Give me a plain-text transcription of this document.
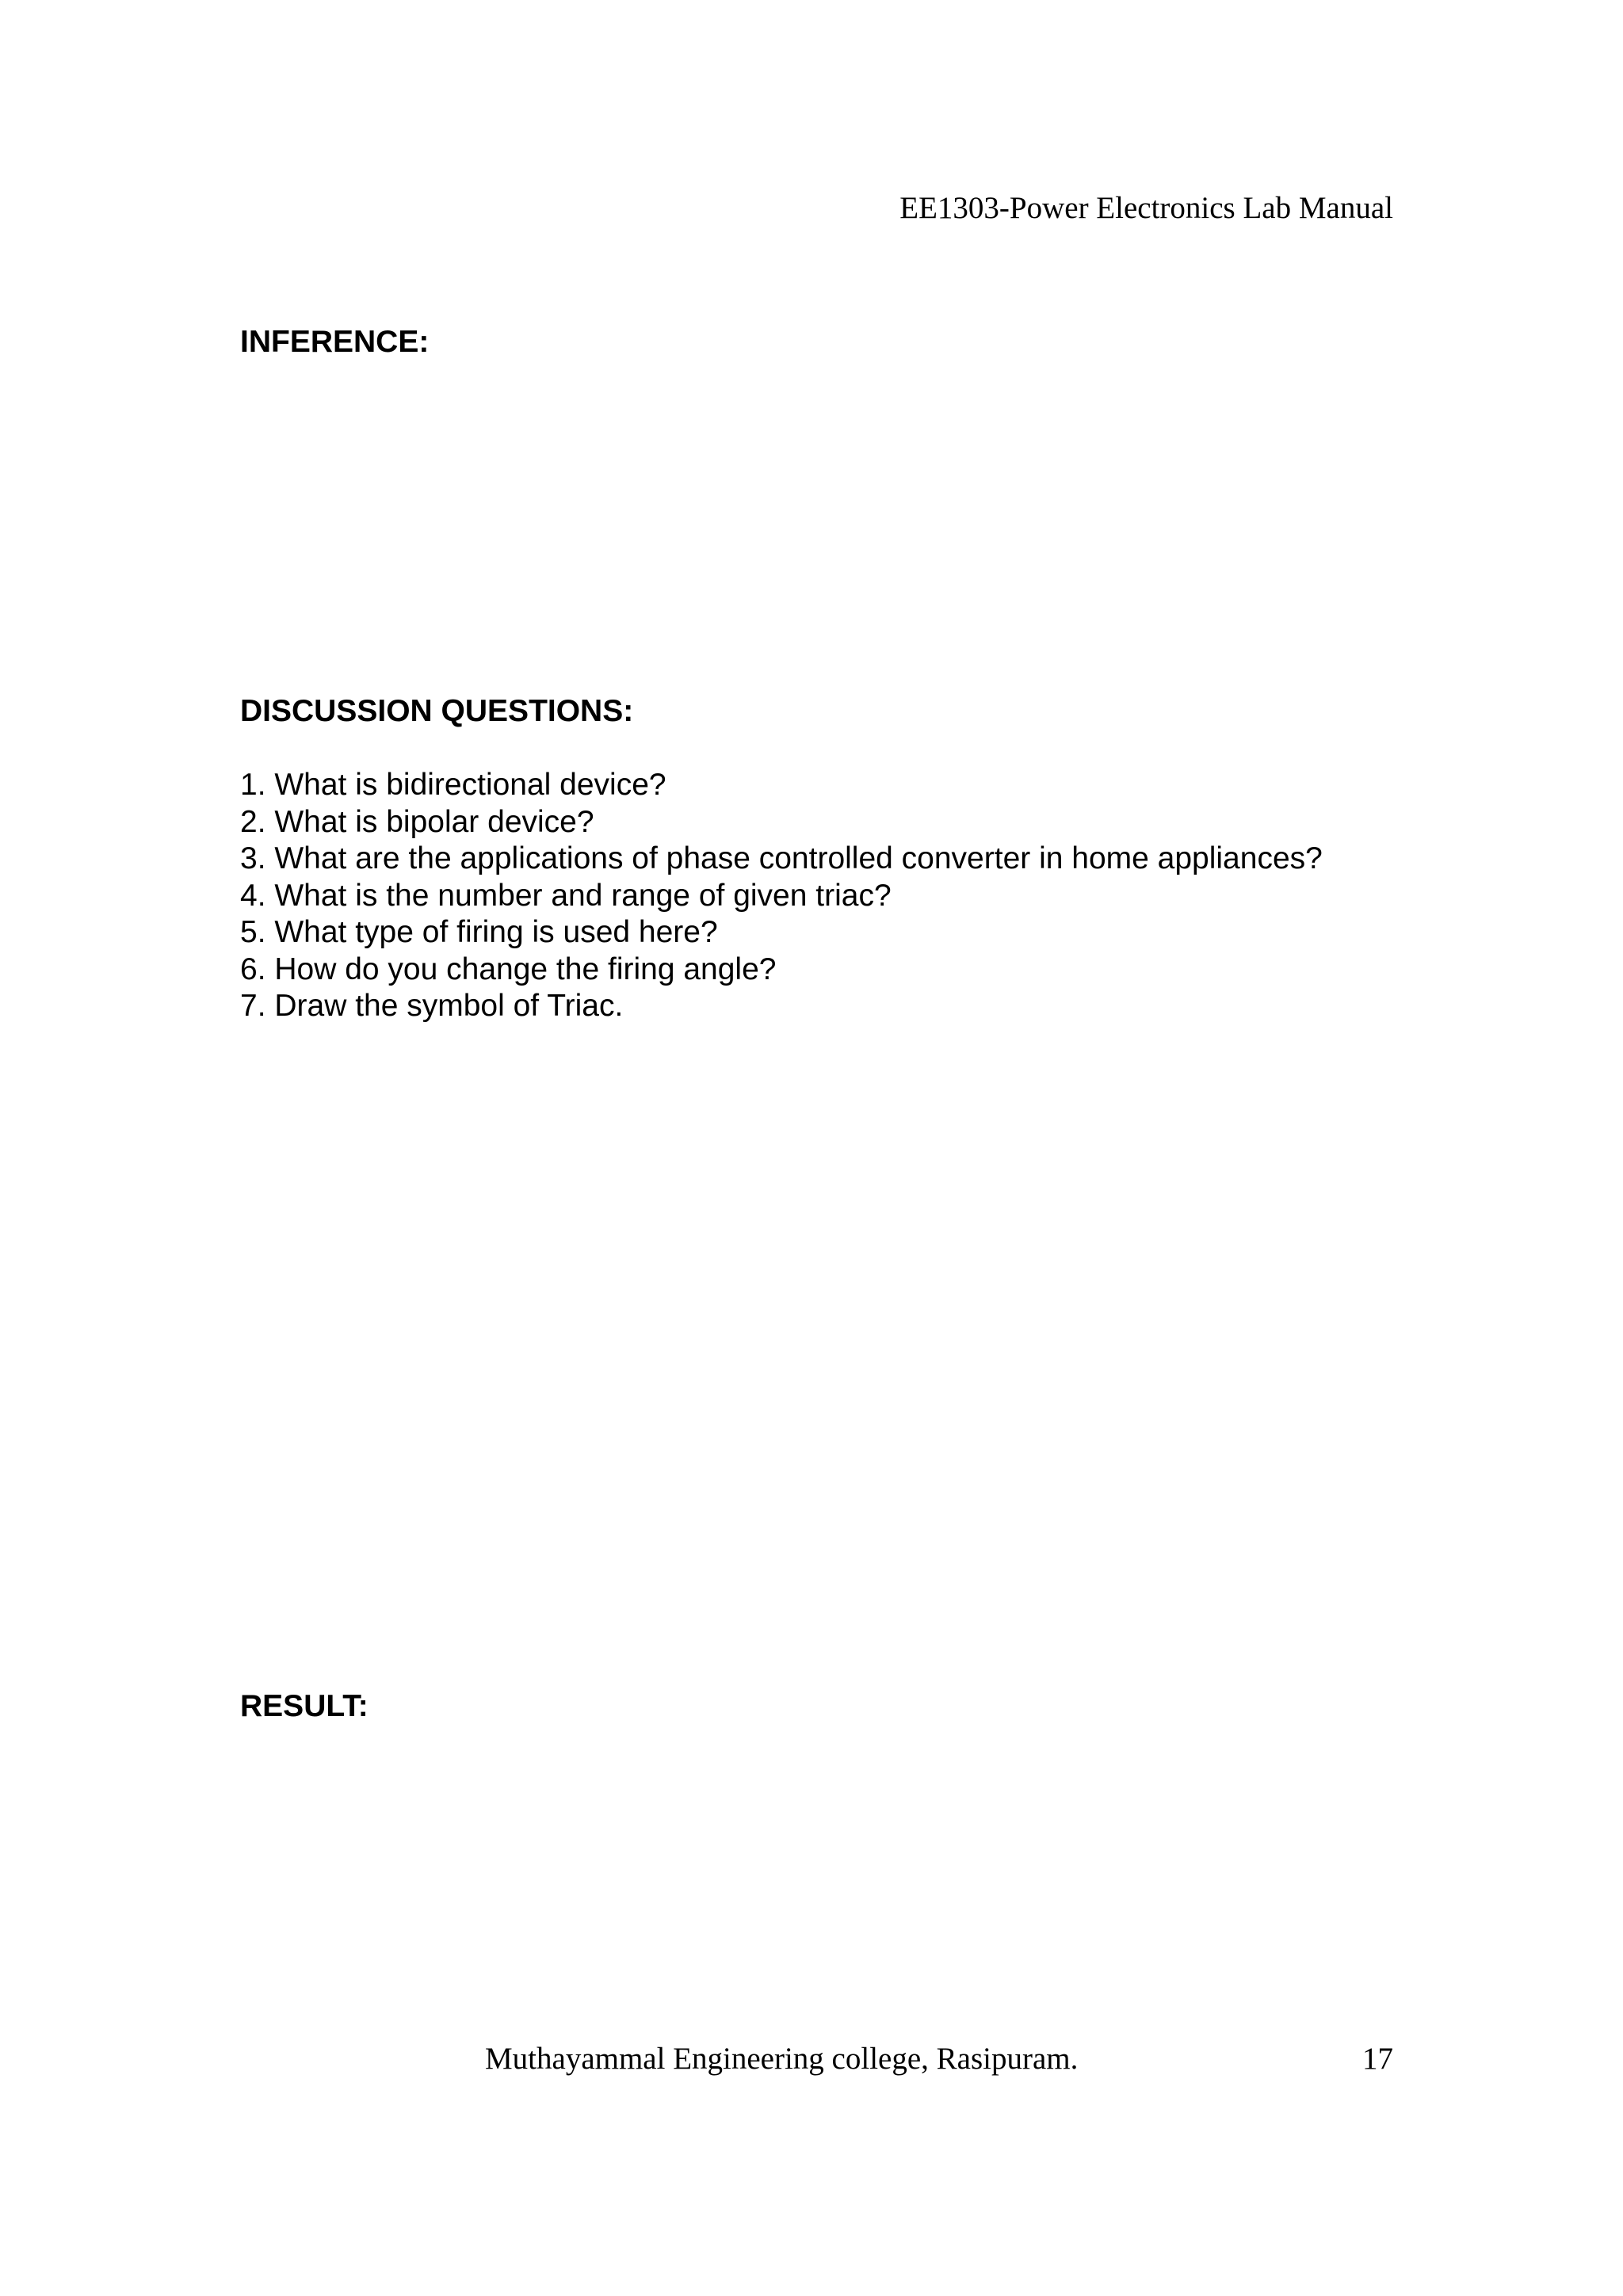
EE1303-Power Electronics Lab Manual
INFERENCE:
DISCUSSION QUESTIONS:
1. What is bidirectional device?
2. What is bipolar device?
3. What are the applications of phase controlled converter in home appliances?
4. What is the number and range of given triac?
5. What type of firing is used here?
6. How do you change the firing angle?
7. Draw the symbol of Triac.
RESULT:
Muthayammal Engineering college, Rasipuram.	17
